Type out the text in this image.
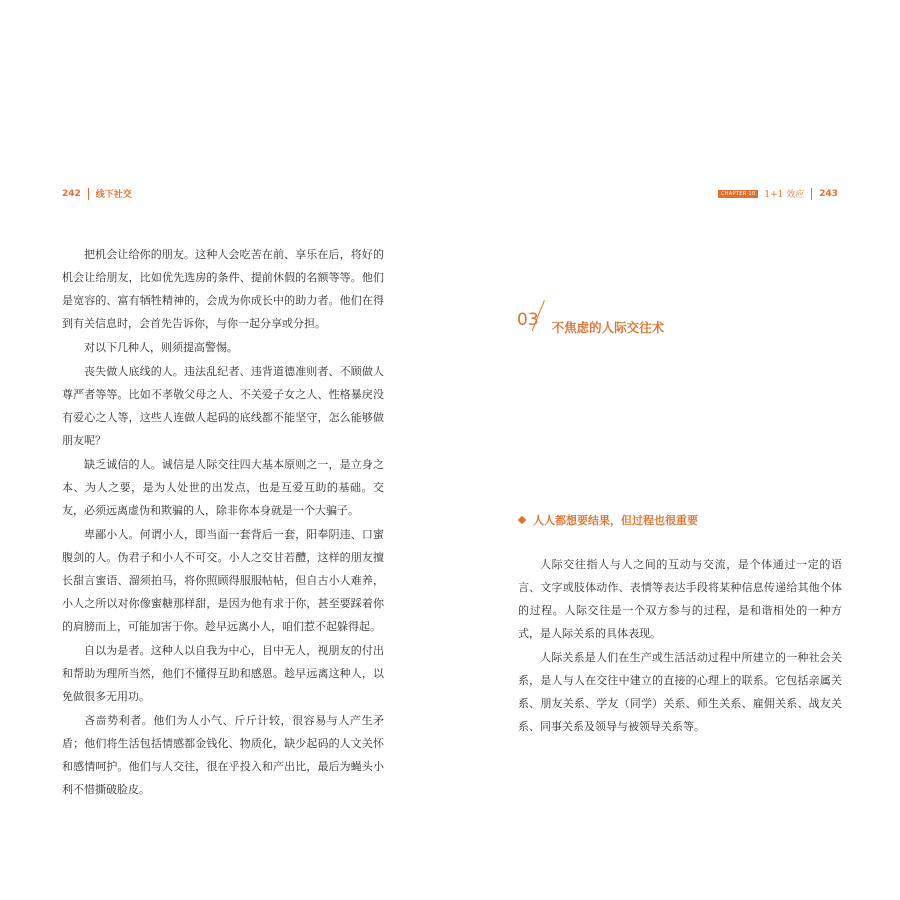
242 线下社交	CHAPTER 10	1+1 效应 243

把机会让给你的朋友。这种人会吃苦在前、享乐在后，将好的机会让给朋友，比如优先选房的条件、提前休假的名额等等。他们是宽容的、富有牺牲精神的，会成为你成长中的助力者。他们在得到有关信息时，会首先告诉你，与你一起分享或分担。

对以下几种人，则须提高警惕。

丧失做人底线的人。违法乱纪者、违背道德准则者、不顾做人尊严者等等。比如不孝敬父母之人、不关爱子女之人、性格暴戾没有爱心之人等，这些人连做人起码的底线都不能坚守，怎么能够做朋友呢？

缺乏诚信的人。诚信是人际交往四大基本原则之一，是立身之本、为人之要，是为人处世的出发点，也是互爱互助的基础。交友，必须远离虚伪和欺骗的人，除非你本身就是一个大骗子。

卑鄙小人。何谓小人，即当面一套背后一套，阳奉阴违、口蜜腹剑的人。伪君子和小人不可交。小人之交甘若醴，这样的朋友擅长甜言蜜语、溜须拍马，将你照顾得服服帖帖，但自古小人难养，小人之所以对你像蜜糖那样甜，是因为他有求于你，甚至要踩着你的肩膀而上，可能加害于你。趁早远离小人，咱们惹不起躲得起。

自以为是者。这种人以自我为中心，目中无人，视朋友的付出和帮助为理所当然，他们不懂得互助和感恩。趁早远离这种人，以免做很多无用功。

吝啬势利者。他们为人小气、斤斤计较，很容易与人产生矛盾；他们将生活包括情感都金钱化、物质化，缺少起码的人文关怀和感情呵护。他们与人交往，很在乎投入和产出比，最后为蝇头小利不惜撕破脸皮。

03 不焦虑的人际交往术
人人都想要结果，但过程也很重要

人际交往指人与人之间的互动与交流，是个体通过一定的语言、文字或肢体动作、表情等表达手段将某种信息传递给其他个体的过程。人际交往是一个双方参与的过程，是和谐相处的一种方式，是人际关系的具体表现。

人际关系是人们在生产或生活活动过程中所建立的一种社会关系，是人与人在交往中建立的直接的心理上的联系。它包括亲属关系、朋友关系、学友（同学）关系、师生关系、雇佣关系、战友关系、同事关系及领导与被领导关系等。
